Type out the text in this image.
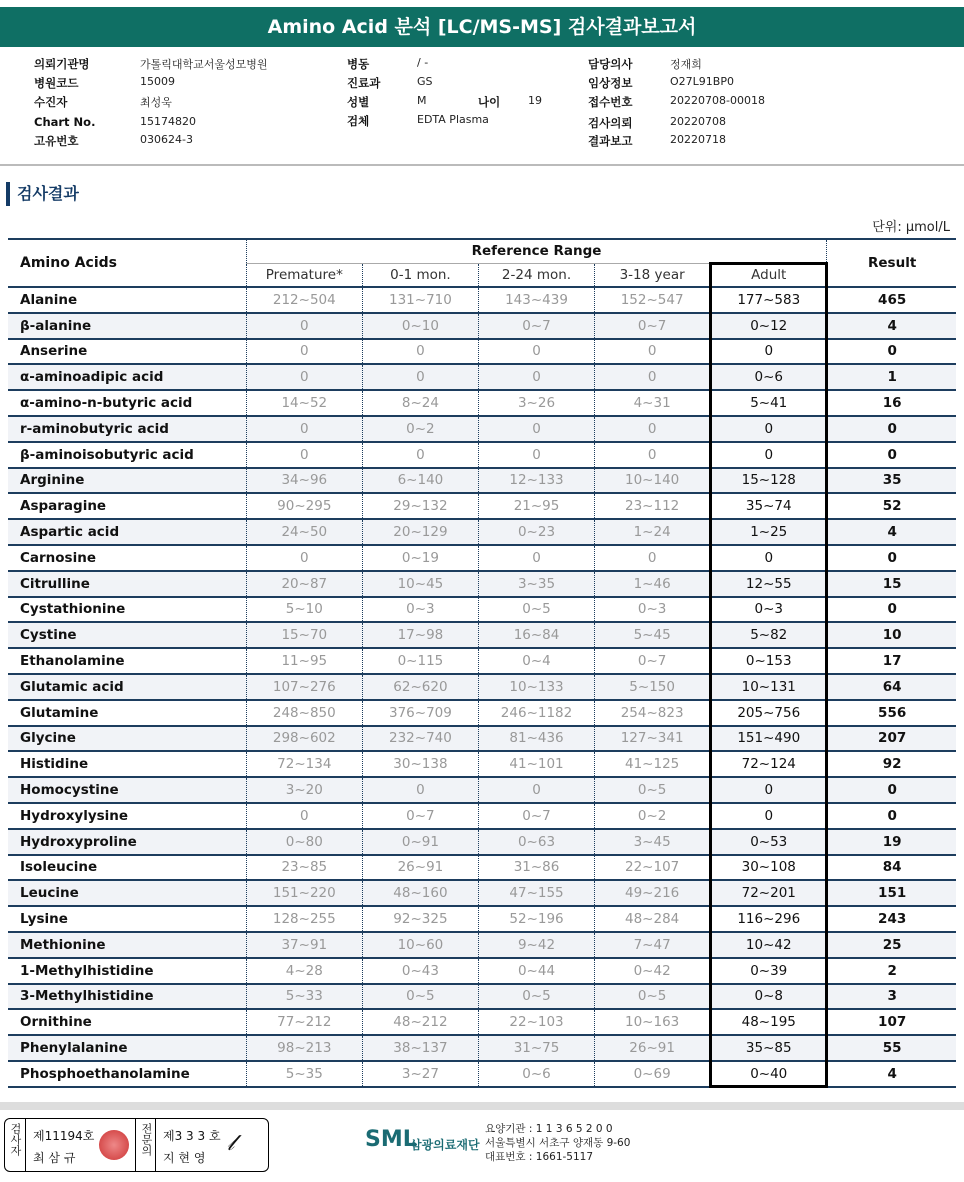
Amino Acid 분석 [LC/MS-MS] 검사결과보고서
의뢰기관명	가톨릭대학교서울성모병원
병원코드	15009
수진자	최성욱
Chart No.	15174820
고유번호	030624-3
병동	/ -
진료과	GS
성별	M
검체	EDTA Plasma
나이	19
담당의사	정재희
임상정보	O27L91BP0
접수번호	20220708-00018
검사의뢰	20220708
결과보고	20220718
검사결과
단위: μmol/L
Amino Acids	Reference Range					Result
	Premature*	0-1 mon.	2-24 mon.	3-18 year	Adult	
Alanine	212~504	131~710	143~439	152~547	177~583	465
β-alanine	0	0~10	0~7	0~7	0~12	4
Anserine	0	0	0	0	0	0
α-aminoadipic acid	0	0	0	0	0~6	1
α-amino-n-butyric acid	14~52	8~24	3~26	4~31	5~41	16
r-aminobutyric acid	0	0~2	0	0	0	0
β-aminoisobutyric acid	0	0	0	0	0	0
Arginine	34~96	6~140	12~133	10~140	15~128	35
Asparagine	90~295	29~132	21~95	23~112	35~74	52
Aspartic acid	24~50	20~129	0~23	1~24	1~25	4
Carnosine	0	0~19	0	0	0	0
Citrulline	20~87	10~45	3~35	1~46	12~55	15
Cystathionine	5~10	0~3	0~5	0~3	0~3	0
Cystine	15~70	17~98	16~84	5~45	5~82	10
Ethanolamine	11~95	0~115	0~4	0~7	0~153	17
Glutamic acid	107~276	62~620	10~133	5~150	10~131	64
Glutamine	248~850	376~709	246~1182	254~823	205~756	556
Glycine	298~602	232~740	81~436	127~341	151~490	207
Histidine	72~134	30~138	41~101	41~125	72~124	92
Homocystine	3~20	0	0	0~5	0	0
Hydroxylysine	0	0~7	0~7	0~2	0	0
Hydroxyproline	0~80	0~91	0~63	3~45	0~53	19
Isoleucine	23~85	26~91	31~86	22~107	30~108	84
Leucine	151~220	48~160	47~155	49~216	72~201	151
Lysine	128~255	92~325	52~196	48~284	116~296	243
Methionine	37~91	10~60	9~42	7~47	10~42	25
1-Methylhistidine	4~28	0~43	0~44	0~42	0~39	2
3-Methylhistidine	5~33	0~5	0~5	0~5	0~8	3
Ornithine	77~212	48~212	22~103	10~163	48~195	107
Phenylalanine	98~213	38~137	31~75	26~91	35~85	55
Phosphoethanolamine	5~35	3~27	0~6	0~69	0~40	4
검사자 제11194호
최 삼 규
전문의 제3 3 3 호
지 현 영
𝓁	SML
삼광의료재단
요양기관 : 1 1 3 6 5 2 0 0
서울특별시 서초구 양재동 9-60
대표번호 : 1661-5117
